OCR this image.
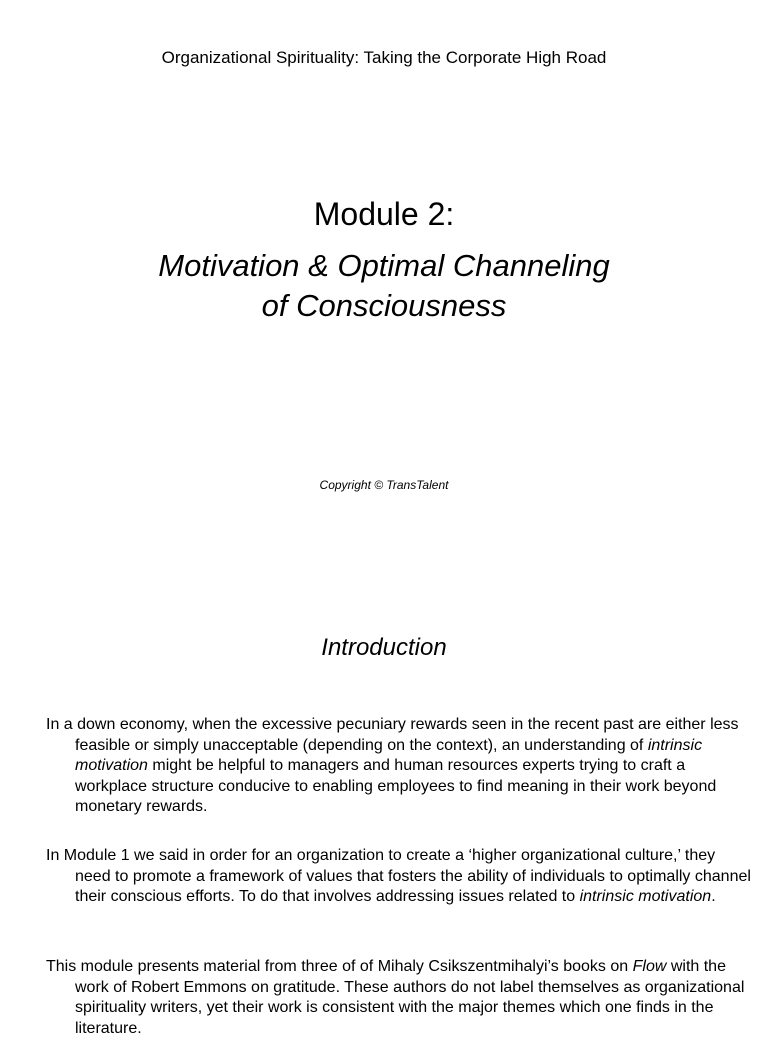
Organizational Spirituality: Taking the Corporate High Road
Module 2:
Motivation & Optimal Channeling
of Consciousness
Copyright © TransTalent
Introduction

In a down economy, when the excessive pecuniary rewards seen in the recent past are either less feasible or simply unacceptable (depending on the context), an understanding of intrinsic motivation might be helpful to managers and human resources experts trying to craft a workplace structure conducive to enabling employees to find meaning in their work beyond monetary rewards.

In Module 1 we said in order for an organization to create a ‘higher organizational culture,’ they need to promote a framework of values that fosters the ability of individuals to optimally channel their conscious efforts. To do that involves addressing issues related to intrinsic motivation.

This module presents material from three of of Mihaly Csikszentmihalyi’s books on Flow with the work of Robert Emmons on gratitude. These authors do not label themselves as organizational spirituality writers, yet their work is consistent with the major themes which one finds in the literature.
